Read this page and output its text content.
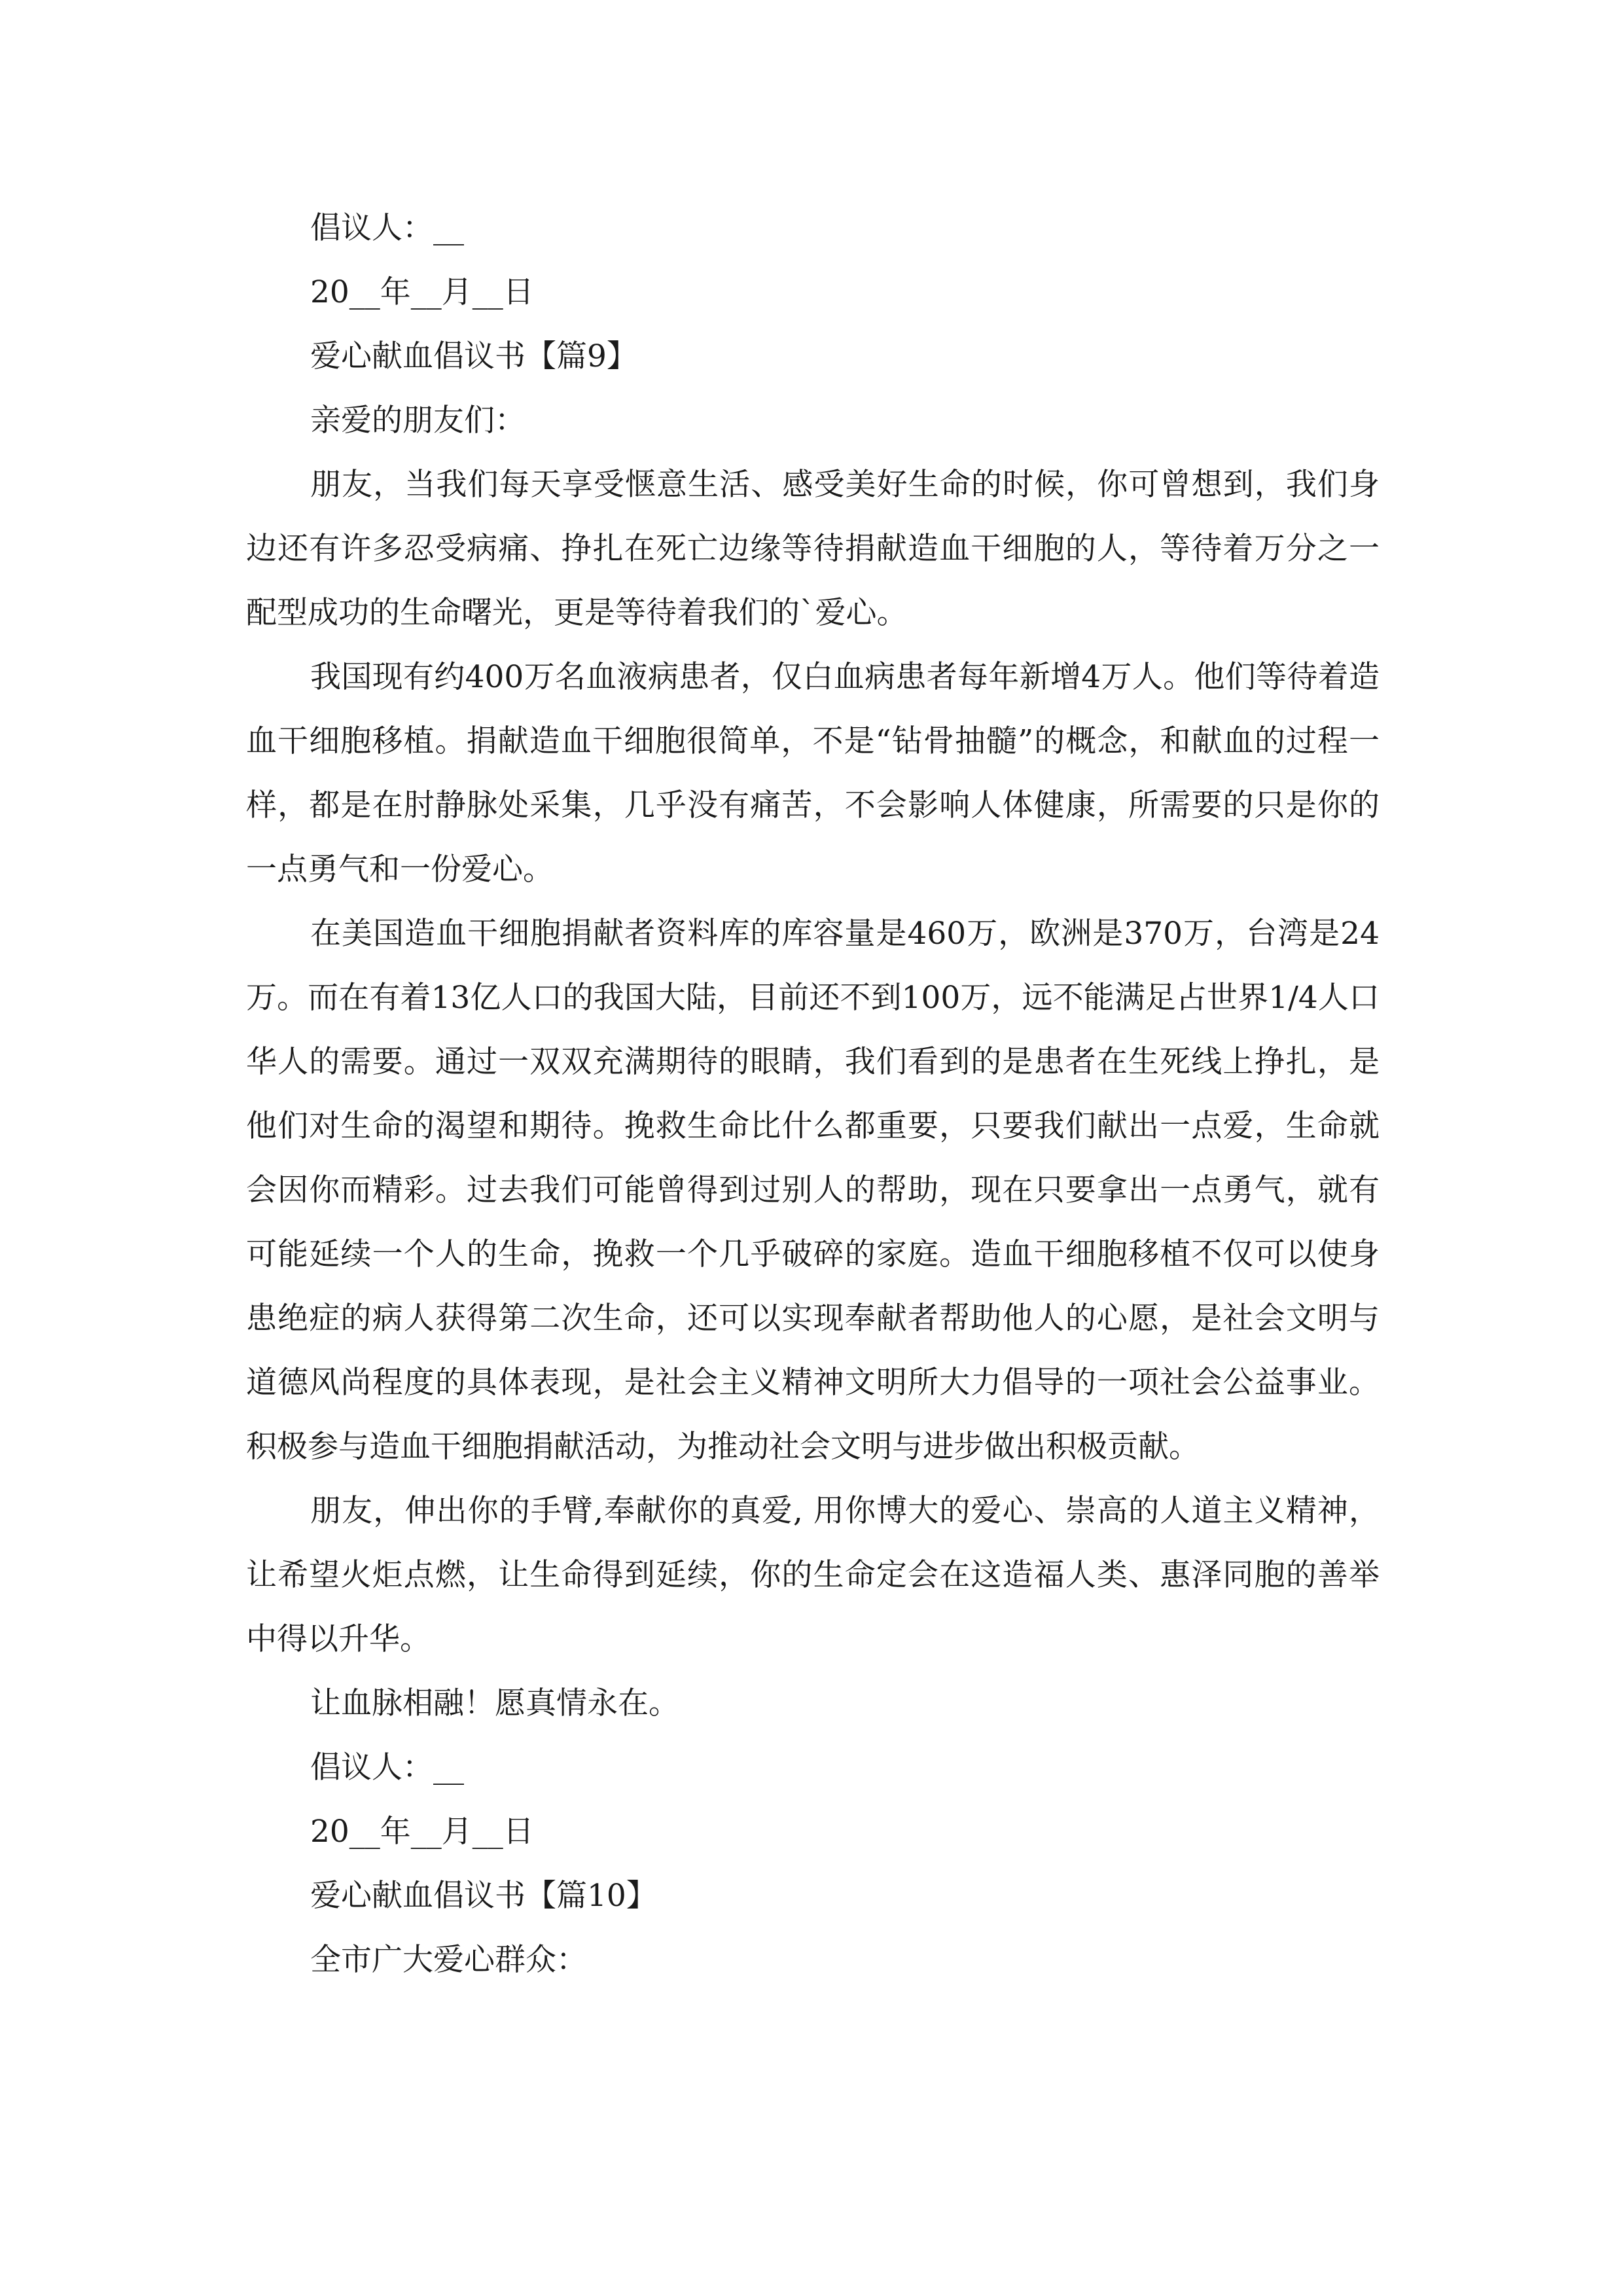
倡议人：__

20__年__月__日

爱心献血倡议书【篇9】

亲爱的朋友们：

朋友，当我们每天享受惬意生活、感受美好生命的时候，你可曾想到，我们身边还有许多忍受病痛、挣扎在死亡边缘等待捐献造血干细胞的人，等待着万分之一配型成功的生命曙光，更是等待着我们的`爱心。

我国现有约400万名血液病患者，仅白血病患者每年新增4万人。他们等待着造血干细胞移植。捐献造血干细胞很简单，不是“钻骨抽髓”的概念，和献血的过程一样，都是在肘静脉处采集，几乎没有痛苦，不会影响人体健康，所需要的只是你的一点勇气和一份爱心。

在美国造血干细胞捐献者资料库的库容量是460万，欧洲是370万，台湾是24万。而在有着13亿人口的我国大陆，目前还不到100万，远不能满足占世界1/4人口华人的需要。通过一双双充满期待的眼睛，我们看到的是患者在生死线上挣扎，是他们对生命的渴望和期待。挽救生命比什么都重要，只要我们献出一点爱，生命就会因你而精彩。过去我们可能曾得到过别人的帮助，现在只要拿出一点勇气，就有可能延续一个人的生命，挽救一个几乎破碎的家庭。造血干细胞移植不仅可以使身患绝症的病人获得第二次生命，还可以实现奉献者帮助他人的心愿，是社会文明与道德风尚程度的具体表现，是社会主义精神文明所大力倡导的一项社会公益事业。积极参与造血干细胞捐献活动，为推动社会文明与进步做出积极贡献。

朋友，伸出你的手臂,奉献你的真爱, 用你博大的爱心、崇高的人道主义精神，让希望火炬点燃，让生命得到延续，你的生命定会在这造福人类、惠泽同胞的善举中得以升华。

让血脉相融！愿真情永在。

倡议人：__

20__年__月__日

爱心献血倡议书【篇10】

全市广大爱心群众：
